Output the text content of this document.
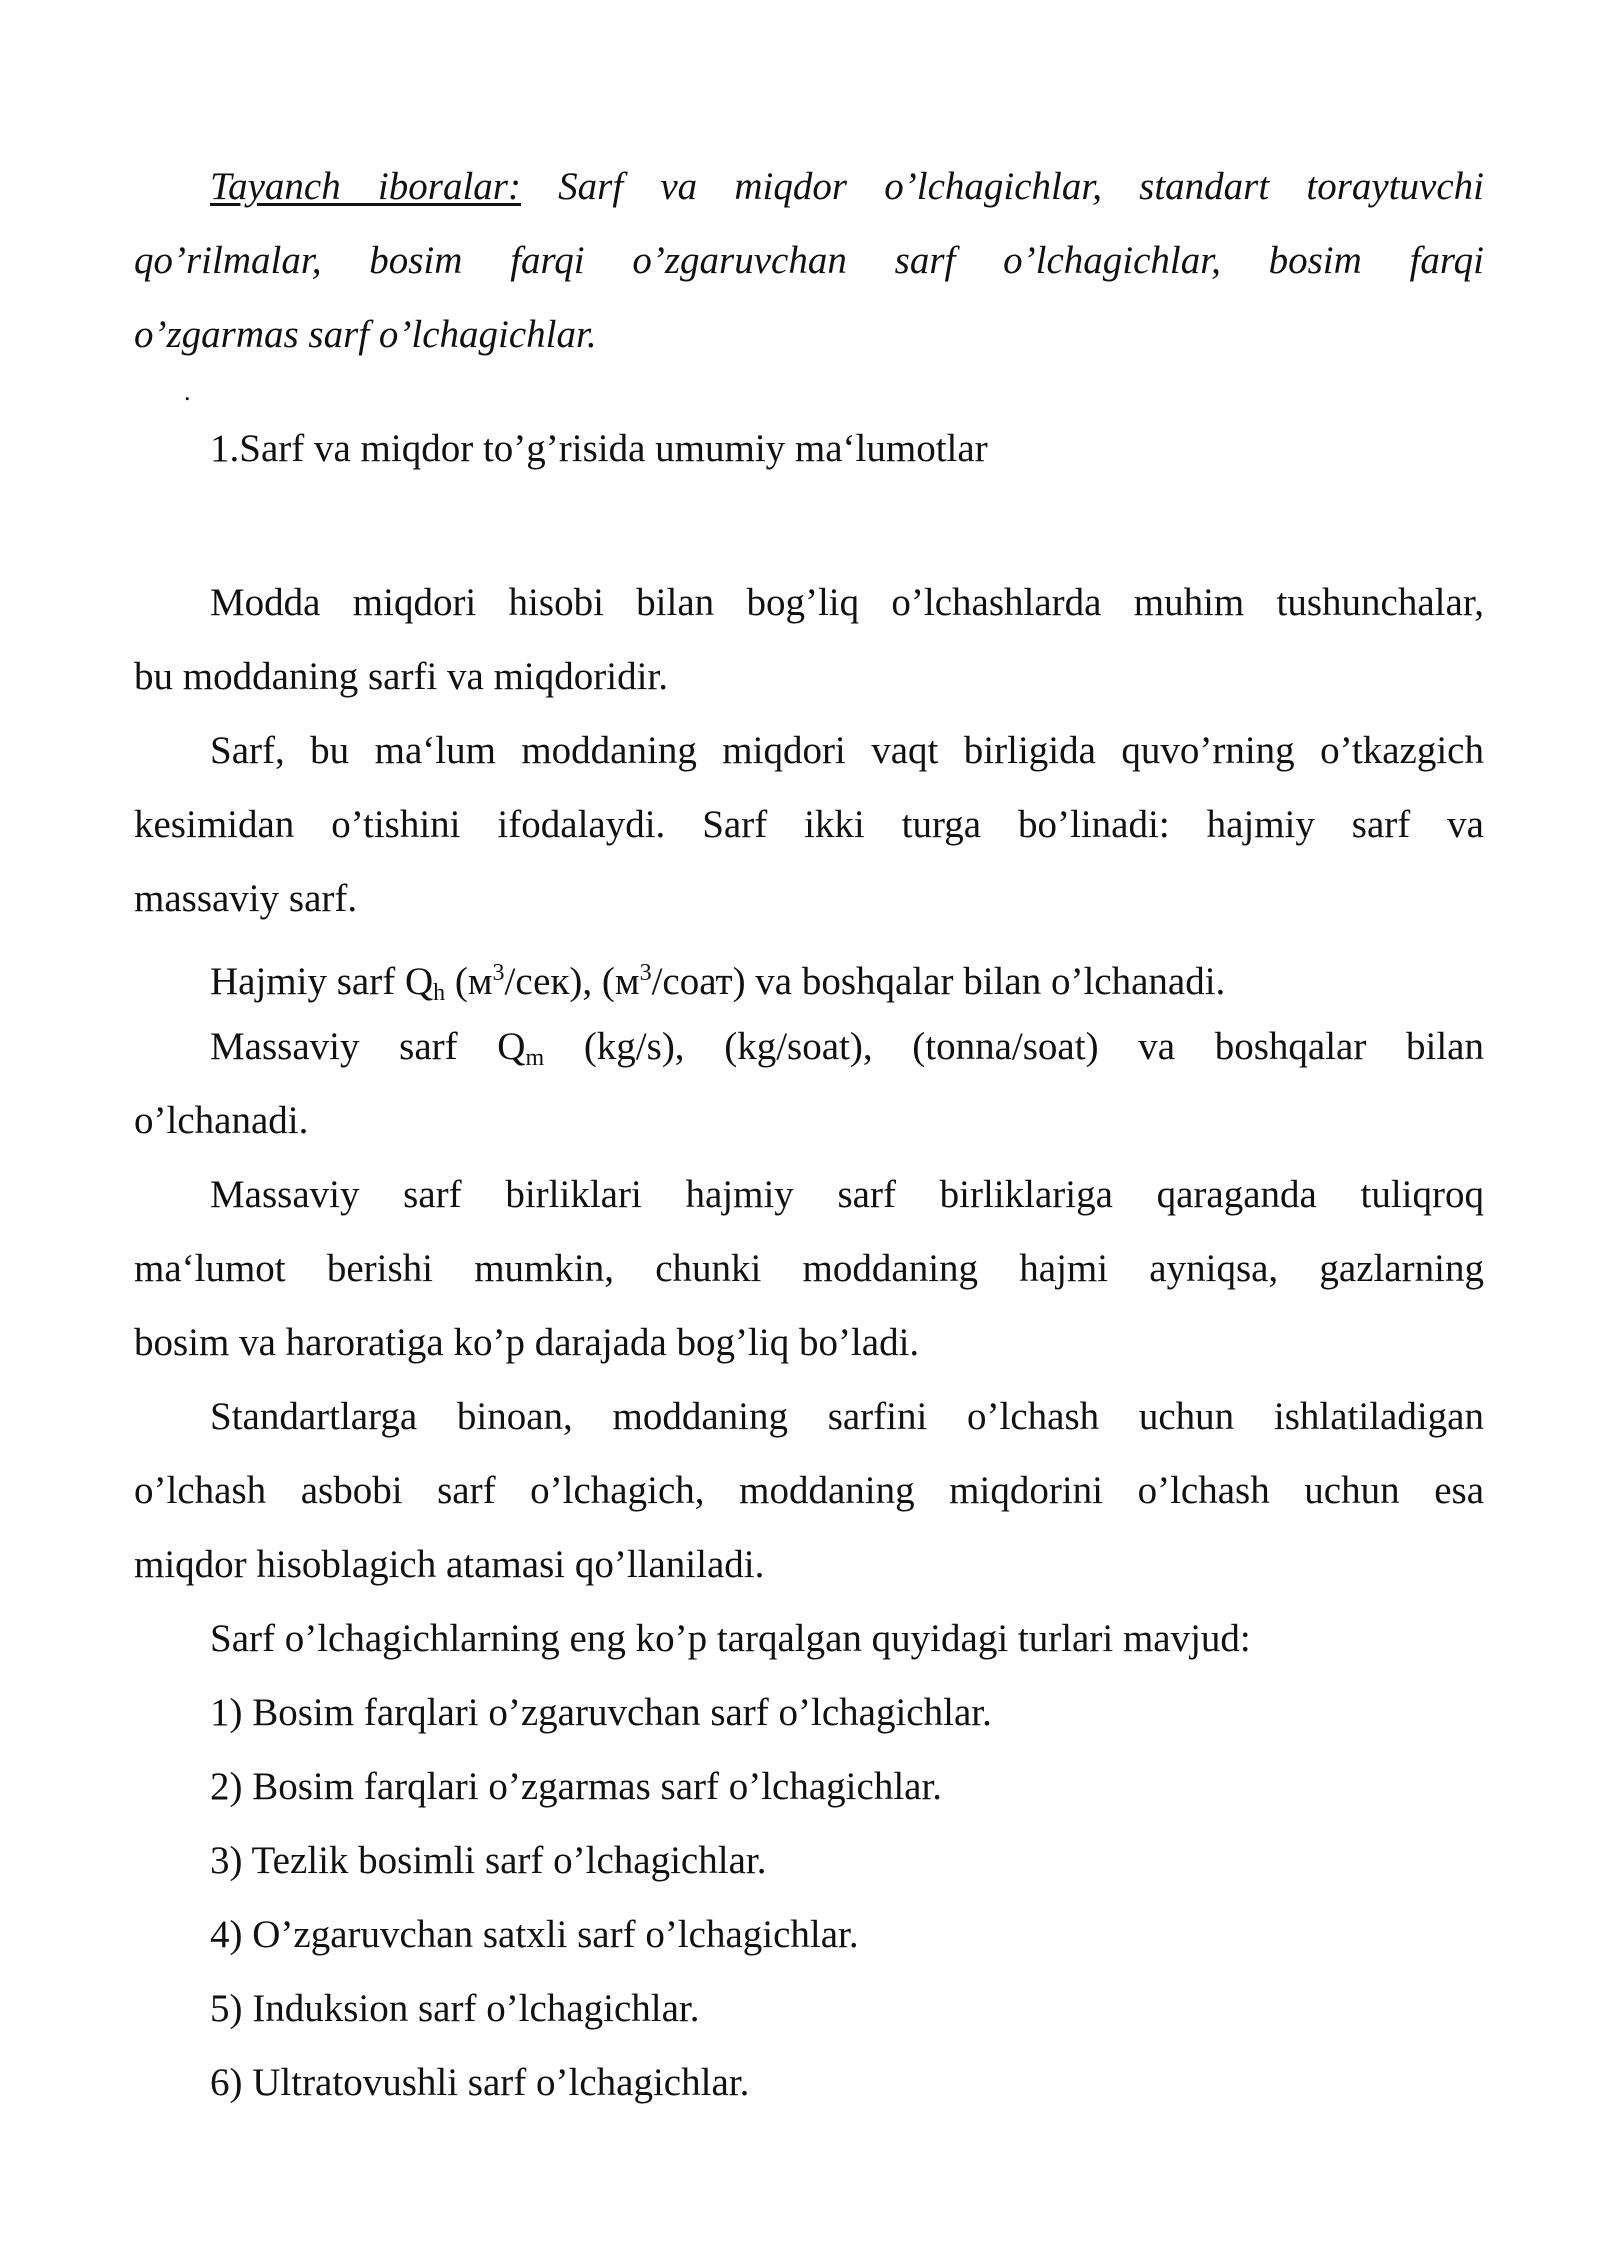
Tayanch iboralar: Sarf va miqdor o’lchagichlar, standart toraytuvchi
qo’rilmalar, bosim farqi o’zgaruvchan sarf o’lchagichlar, bosim farqi
o’zgarmas sarf o’lchagichlar.
.
1.Sarf va miqdor to’g’risida umumiy ma‘lumotlar
Modda miqdori hisobi bilan bog’liq o’lchashlarda muhim tushunchalar,
bu moddaning sarfi va miqdoridir.
Sarf, bu ma‘lum moddaning miqdori vaqt birligida quvo’rning o’tkazgich
kesimidan o’tishini ifodalaydi. Sarf ikki turga bo’linadi: hajmiy sarf va
massaviy sarf.
Hajmiy sarf $Q_h$ $(м^3/сек)$, $(м^3/соат)$ va boshqalar bilan o’lchanadi.
Massaviy sarf $Q_m$ (kg/s), (kg/soat), (tonna/soat) va boshqalar bilan
o’lchanadi.
Massaviy sarf birliklari hajmiy sarf birliklariga qaraganda tuliqroq
ma‘lumot berishi mumkin, chunki moddaning hajmi ayniqsa, gazlarning
bosim va haroratiga ko’p darajada bog’liq bo’ladi.
Standartlarga binoan, moddaning sarfini o’lchash uchun ishlatiladigan
o’lchash asbobi sarf o’lchagich, moddaning miqdorini o’lchash uchun esa
miqdor hisoblagich atamasi qo’llaniladi.
Sarf o’lchagichlarning eng ko’p tarqalgan quyidagi turlari mavjud:
1) Bosim farqlari o’zgaruvchan sarf o’lchagichlar.
2) Bosim farqlari o’zgarmas sarf o’lchagichlar.
3) Tezlik bosimli sarf o’lchagichlar.
4) O’zgaruvchan satxli sarf o’lchagichlar.
5) Induksion sarf o’lchagichlar.
6) Ultratovushli sarf o’lchagichlar.
